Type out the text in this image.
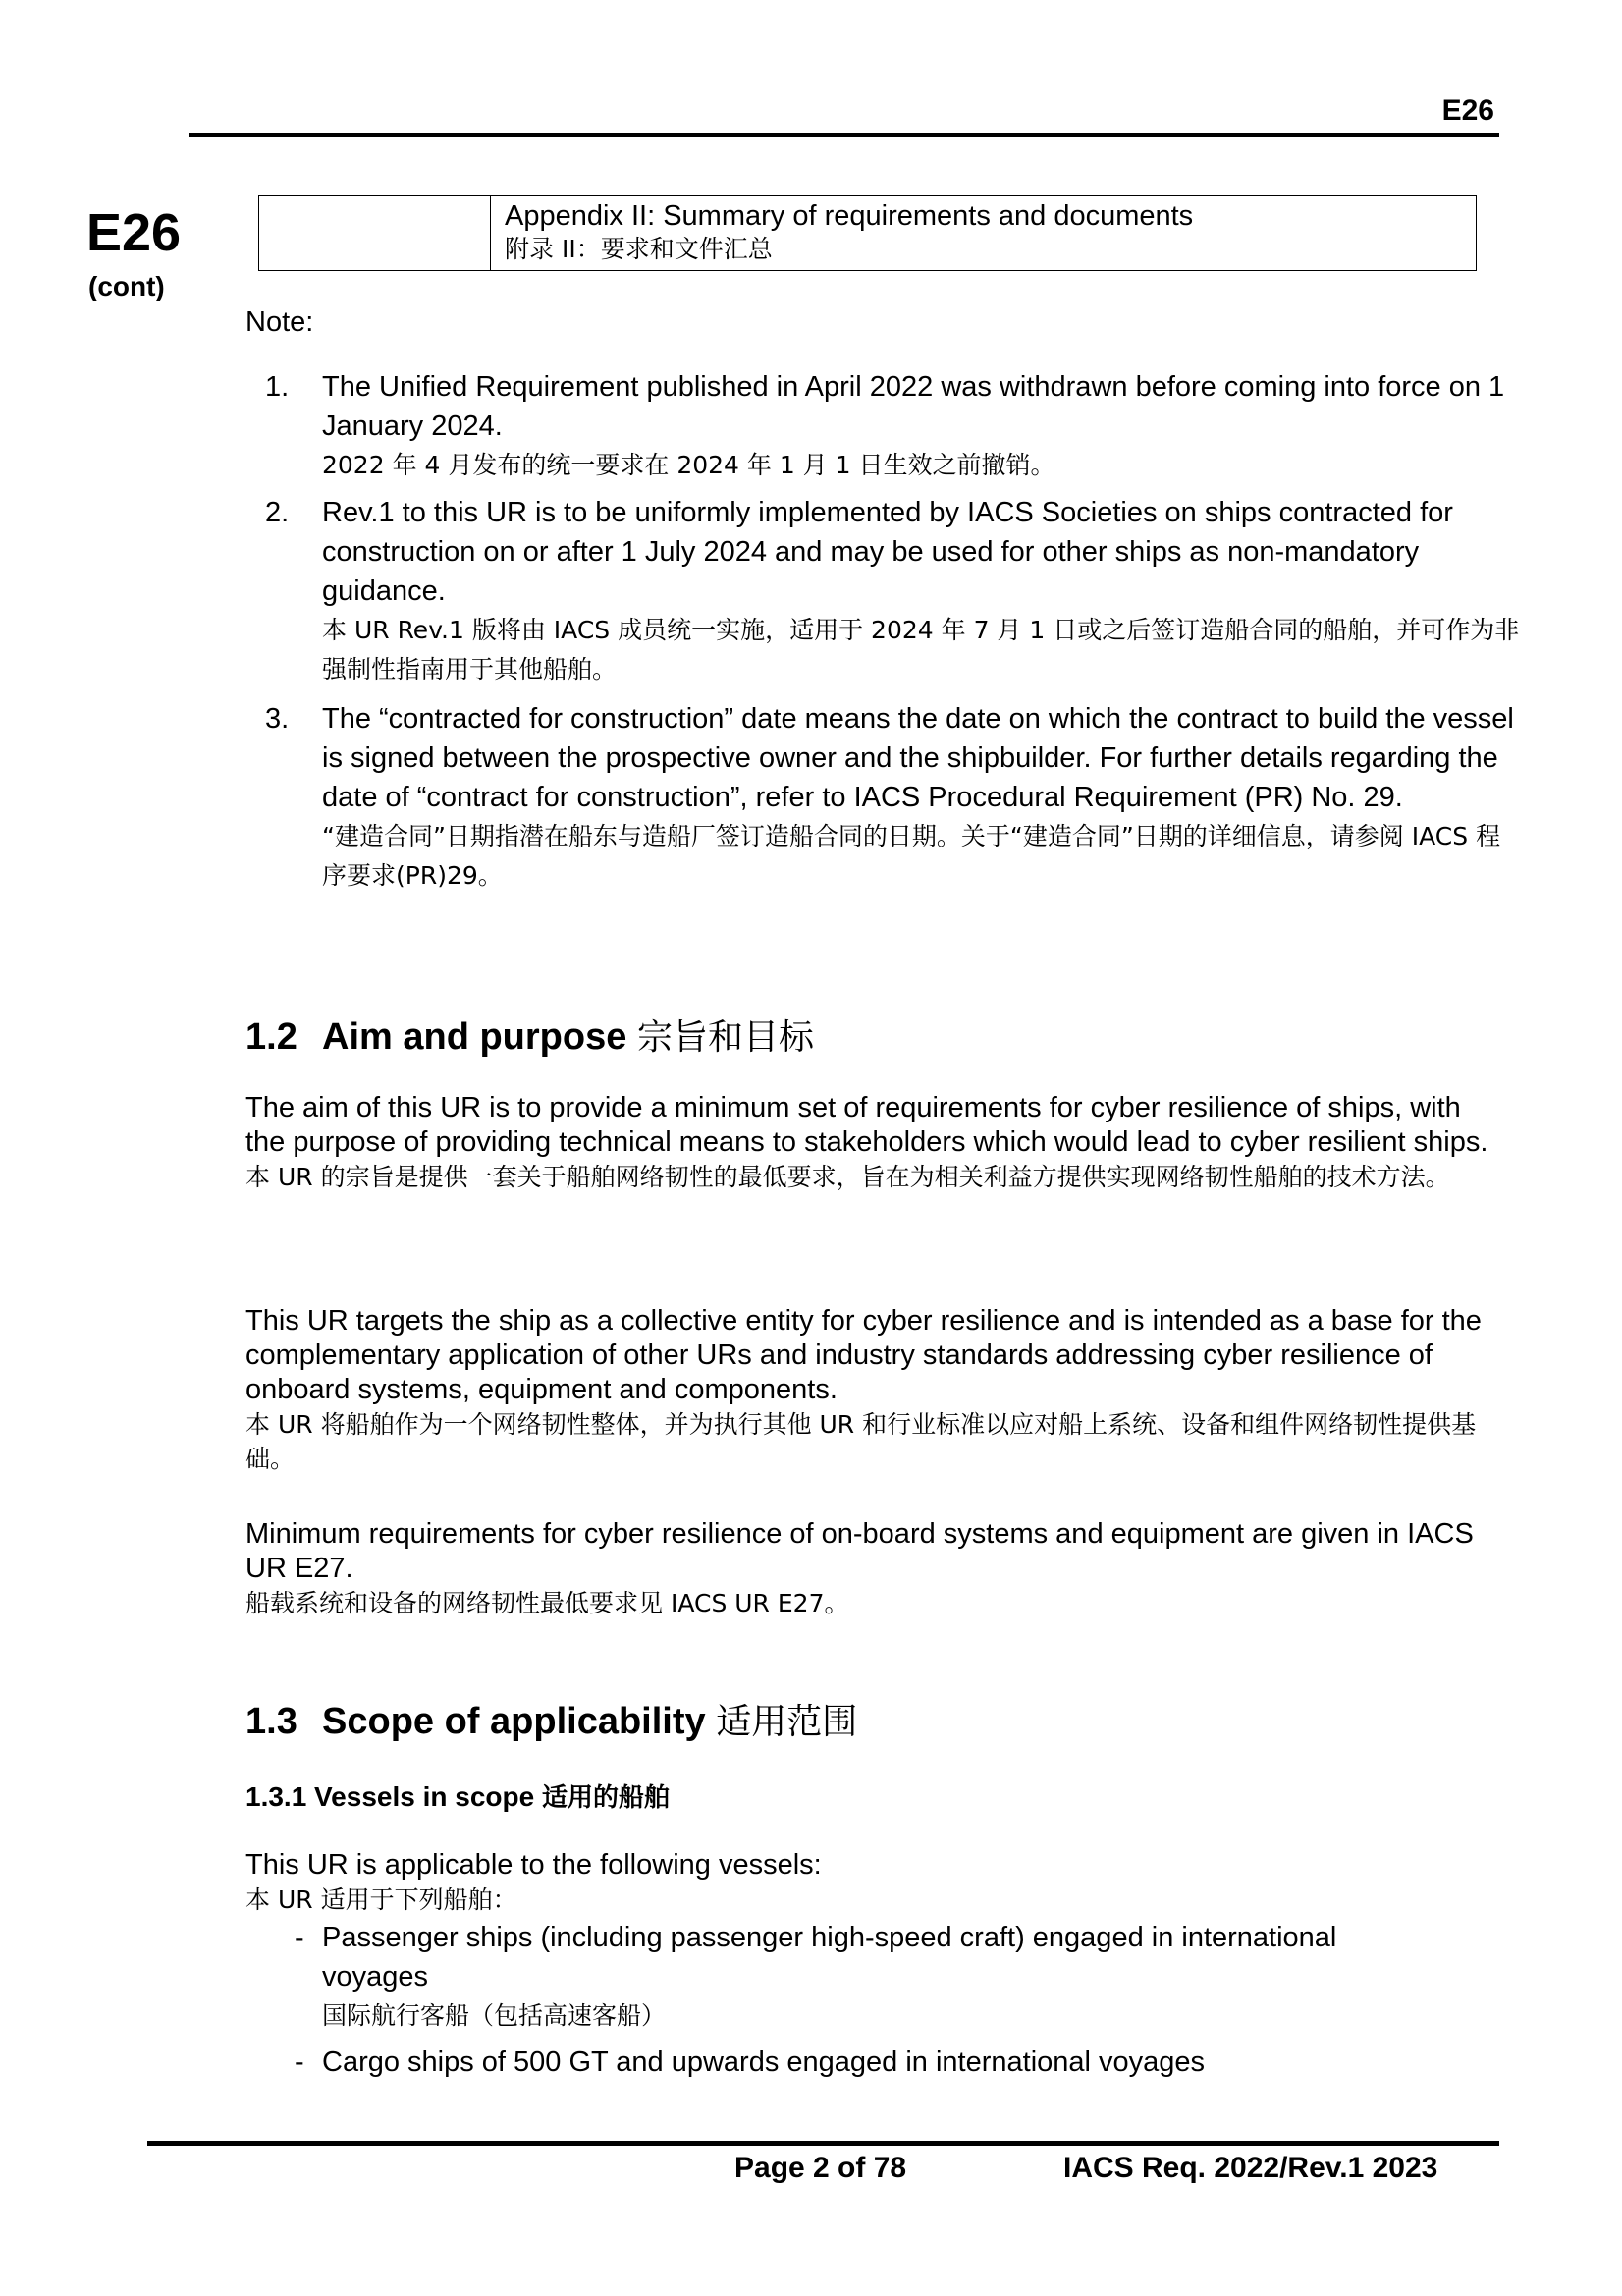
E26
E26
(cont)
Appendix II: Summary of requirements and documents
附录 II：要求和文件汇总
Note:
1. The Unified Requirement published in April 2022 was withdrawn before coming into force on 1 January 2024.
2022 年 4 月发布的统一要求在 2024 年 1 月 1 日生效之前撤销。
2. Rev.1 to this UR is to be uniformly implemented by IACS Societies on ships contracted for construction on or after 1 July 2024 and may be used for other ships as non-mandatory guidance.
本 UR Rev.1 版将由 IACS 成员统一实施，适用于 2024 年 7 月 1 日或之后签订造船合同的船舶，并可作为非强制性指南用于其他船舶。
3. The “contracted for construction” date means the date on which the contract to build the vessel is signed between the prospective owner and the shipbuilder. For further details regarding the date of “contract for construction”, refer to IACS Procedural Requirement (PR) No. 29.
“建造合同”日期指潜在船东与造船厂签订造船合同的日期。关于“建造合同”日期的详细信息，请参阅 IACS 程序要求(PR)29。
1.2 Aim and purpose 宗旨和目标
The aim of this UR is to provide a minimum set of requirements for cyber resilience of ships, with the purpose of providing technical means to stakeholders which would lead to cyber resilient ships.
本 UR 的宗旨是提供一套关于船舶网络韧性的最低要求，旨在为相关利益方提供实现网络韧性船舶的技术方法。
This UR targets the ship as a collective entity for cyber resilience and is intended as a base for the complementary application of other URs and industry standards addressing cyber resilience of onboard systems, equipment and components.
本 UR 将船舶作为一个网络韧性整体，并为执行其他 UR 和行业标准以应对船上系统、设备和组件网络韧性提供基础。
Minimum requirements for cyber resilience of on-board systems and equipment are given in IACS UR E27.
船载系统和设备的网络韧性最低要求见 IACS UR E27。
1.3 Scope of applicability 适用范围
1.3.1 Vessels in scope 适用的船舶
This UR is applicable to the following vessels:
本 UR 适用于下列船舶：
- Passenger ships (including passenger high-speed craft) engaged in international voyages
国际航行客船（包括高速客船）
- Cargo ships of 500 GT and upwards engaged in international voyages
Page 2 of 78	IACS Req. 2022/Rev.1 2023
